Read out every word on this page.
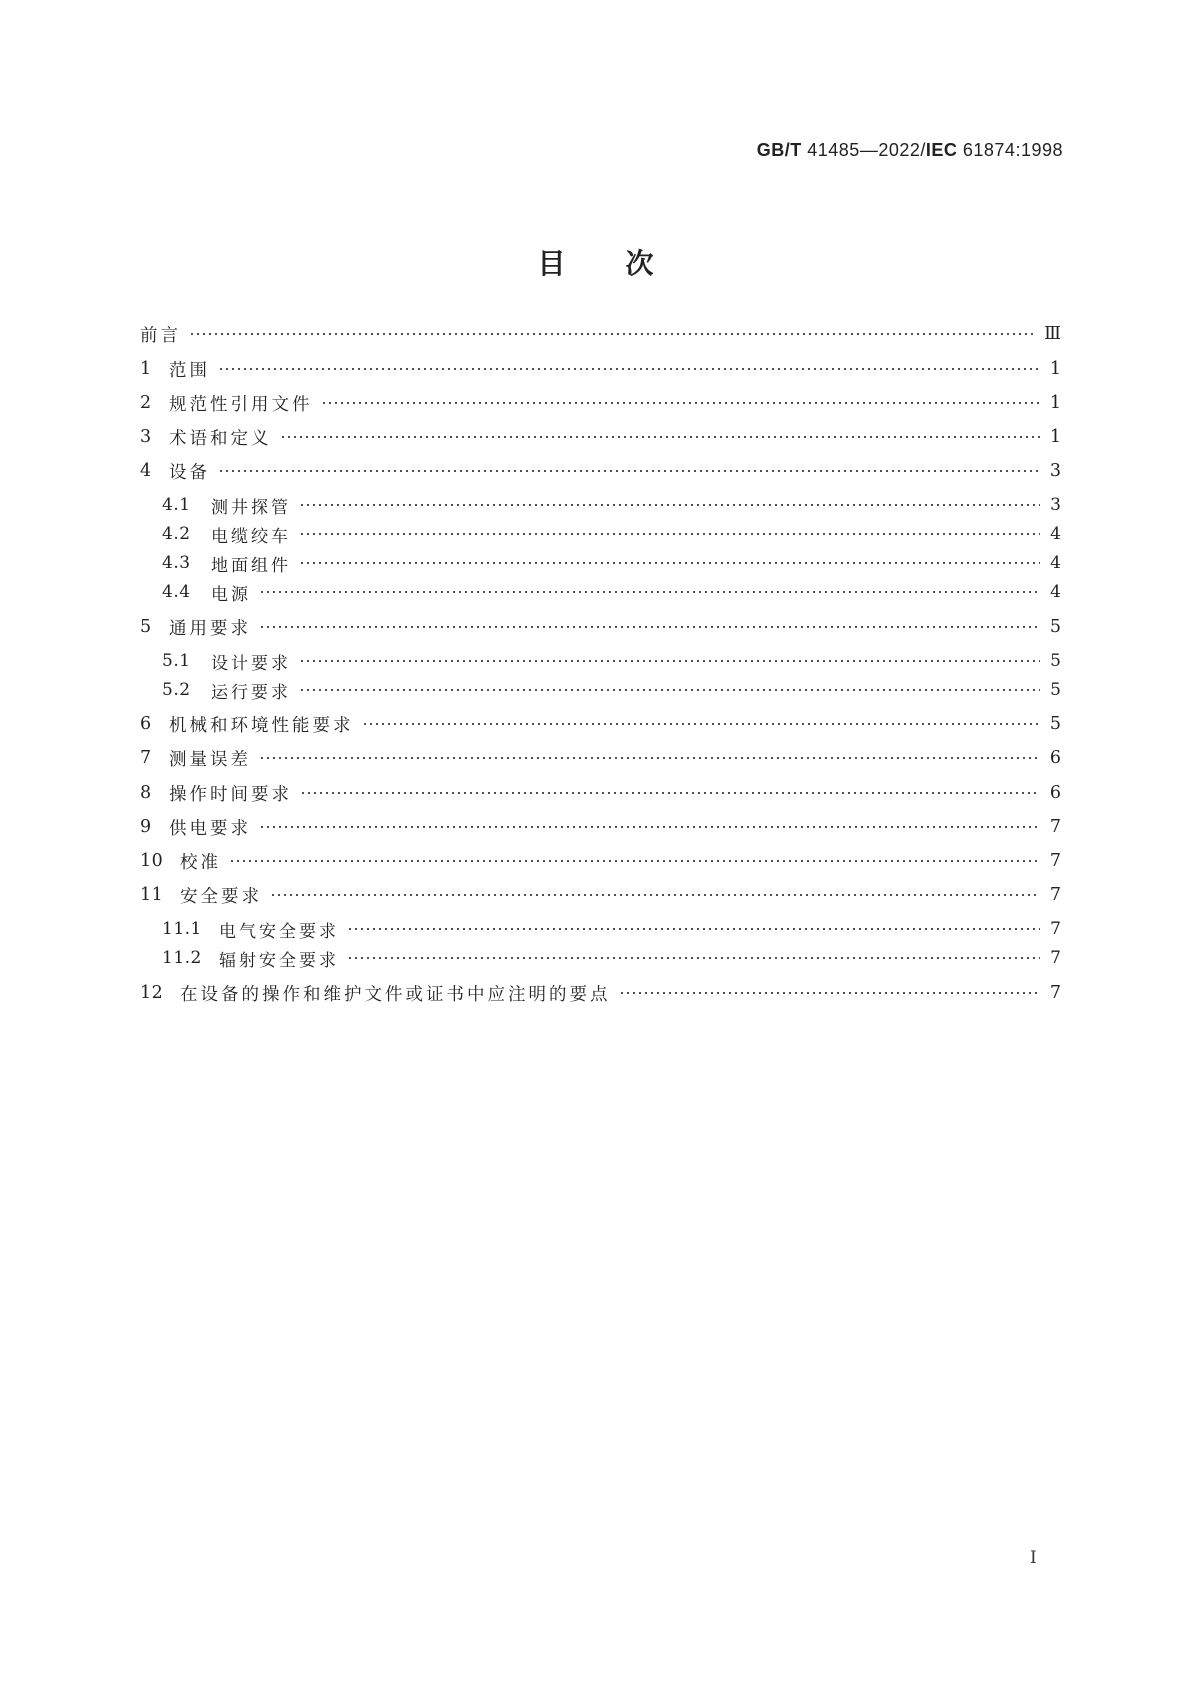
GB/T 41485—2022/IEC 61874:1998
目次
前言	Ⅲ
1 范围	1
2 规范性引用文件	1
3 术语和定义	1
4 设备	3
4.1	测井探管	3
4.2	电缆绞车	4
4.3	地面组件	4
4.4	电源	4
5 通用要求	5
5.1	设计要求	5
5.2	运行要求	5
6 机械和环境性能要求	5
7 测量误差	6
8 操作时间要求	6
9 供电要求	7
10 校准	7
11 安全要求	7
11.1	电气安全要求	7
11.2	辐射安全要求	7
12 在设备的操作和维护文件或证书中应注明的要点	7
I
